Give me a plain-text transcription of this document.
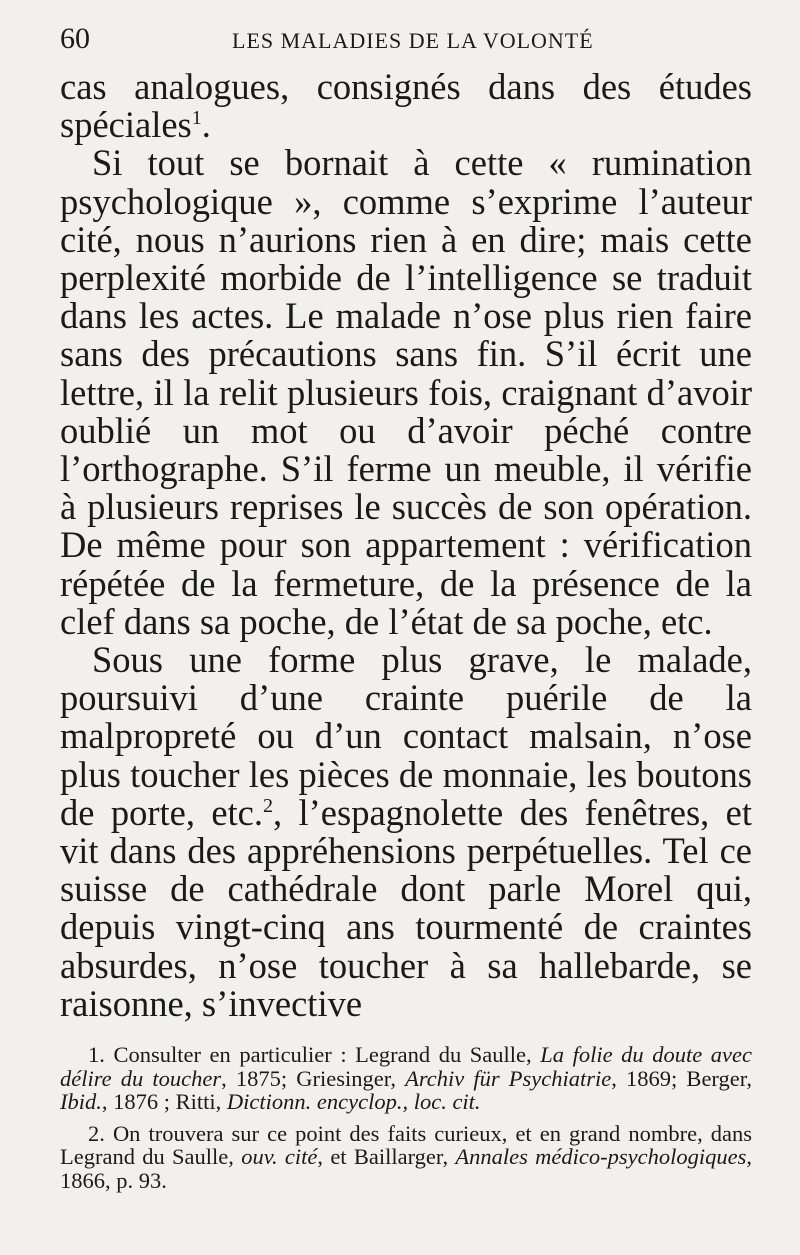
60	LES MALADIES DE LA VOLONTÉ

cas analogues, consignés dans des études spéciales$^1$.

Si tout se bornait à cette « rumination psychologique », comme s’exprime l’auteur cité, nous n’aurions rien à en dire; mais cette perplexité morbide de l’intelligence se traduit dans les actes. Le malade n’ose plus rien faire sans des précautions sans fin. S’il écrit une lettre, il la relit plusieurs fois, craignant d’avoir oublié un mot ou d’avoir péché contre l’orthographe. S’il ferme un meuble, il vérifie à plusieurs reprises le succès de son opération. De même pour son appartement : vérification répétée de la fermeture, de la présence de la clef dans sa poche, de l’état de sa poche, etc.

Sous une forme plus grave, le malade, poursuivi d’une crainte puérile de la malpropreté ou d’un contact malsain, n’ose plus toucher les pièces de monnaie, les boutons de porte, etc.$^2$, l’espagnolette des fenêtres, et vit dans des appréhensions perpétuelles. Tel ce suisse de cathédrale dont parle Morel qui, depuis vingt-cinq ans tourmenté de craintes absurdes, n’ose toucher à sa hallebarde, se raisonne, s’invective

1. Consulter en particulier : Legrand du Saulle, La folie du doute avec délire du toucher, 1875; Griesinger, Archiv für Psychiatrie, 1869; Berger, Ibid., 1876 ; Ritti, Dictionn. encyclop., loc. cit.

2. On trouvera sur ce point des faits curieux, et en grand nombre, dans Legrand du Saulle, ouv. cité, et Baillarger, Annales médico-psychologiques, 1866, p. 93.
